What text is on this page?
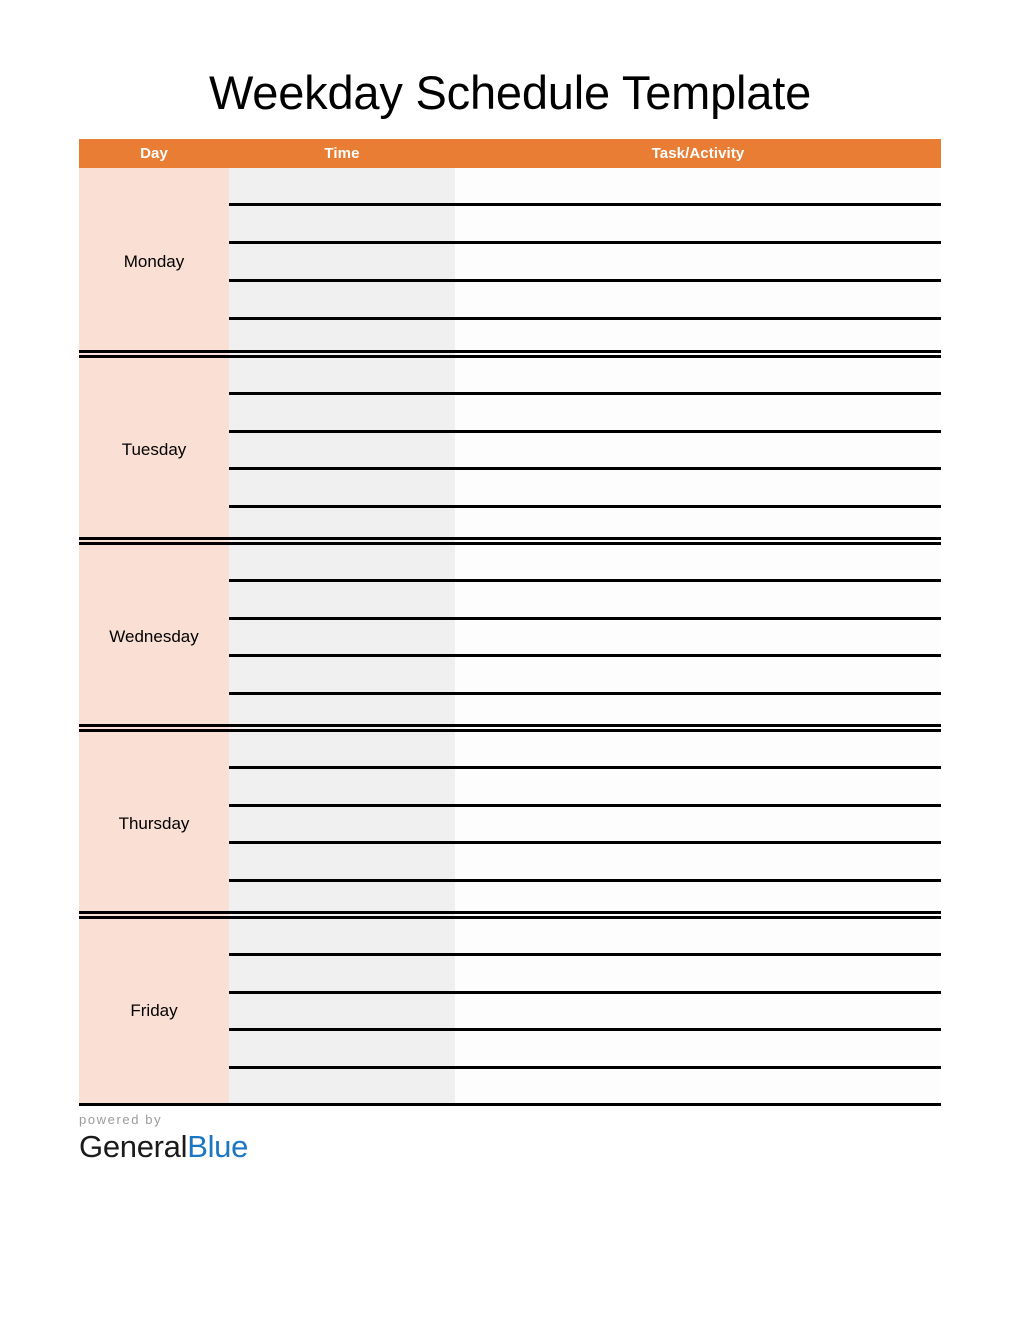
Weekday Schedule Template
Day	Time	Task/Activity
Monday
Tuesday
Wednesday
Thursday
Friday
powered by
GeneralBlue
